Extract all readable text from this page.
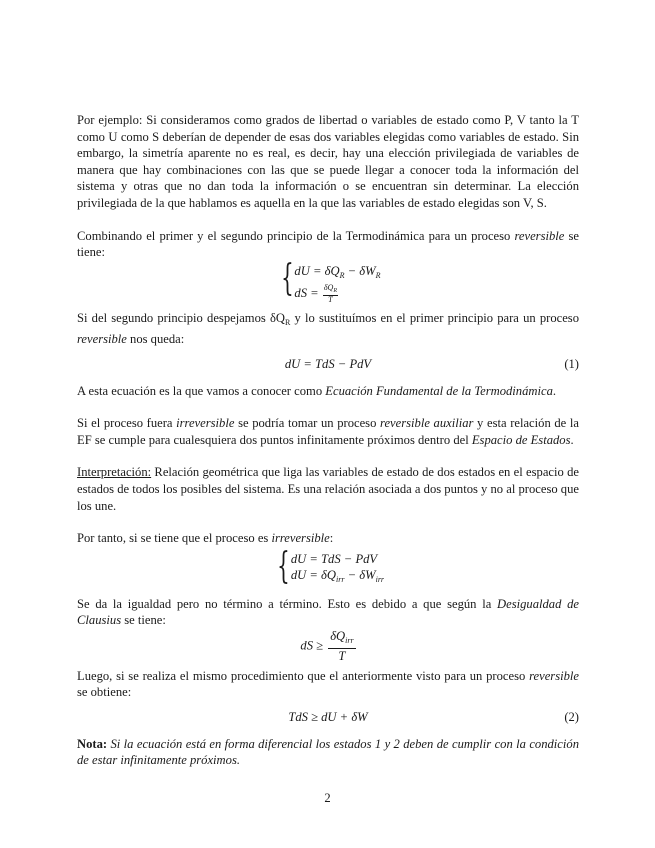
Por ejemplo: Si consideramos como grados de libertad o variables de estado como P, V tanto la T como U como S deberían de depender de esas dos variables elegidas como variables de estado. Sin embargo, la simetría aparente no es real, es decir, hay una elección privilegiada de variables de manera que hay combinaciones con las que se puede llegar a conocer toda la información del sistema y otras que no dan toda la información o se encuentran sin determinar. La elección privilegiada de la que hablamos es aquella en la que las variables de estado elegidas son V, S.

Combinando el primer y el segundo principio de la Termodinámica para un proceso reversible se tiene:

{ dU = $\delta Q_R - \delta W_R$
dS = $\frac{\delta Q_R}{T}$

Si del segundo principio despejamos $\delta Q_R$ y lo sustituímos en el primer principio para un proceso reversible nos queda:

dU = TdS − PdV	(1)

A esta ecuación es la que vamos a conocer como Ecuación Fundamental de la Termodinámica.

Si el proceso fuera irreversible se podría tomar un proceso reversible auxiliar y esta relación de la EF se cumple para cualesquiera dos puntos infinitamente próximos dentro del Espacio de Estados.

Interpretación: Relación geométrica que liga las variables de estado de dos estados en el espacio de estados de todos los posibles del sistema. Es una relación asociada a dos puntos y no al proceso que los une.

Por tanto, si se tiene que el proceso es irreversible:

{ dU = TdS − PdV
dU = $\delta Q_{irr} - \delta W_{irr}$

Se da la igualdad pero no término a término. Esto es debido a que según la Desigualdad de Clausius se tiene:

dS ≥
$\delta Q_{irr}$
T

Luego, si se realiza el mismo procedimiento que el anteriormente visto para un proceso reversible se obtiene:

TdS ≥ dU + δW	(2)

Nota: Si la ecuación está en forma diferencial los estados 1 y 2 deben de cumplir con la condición de estar infinitamente próximos.

2
